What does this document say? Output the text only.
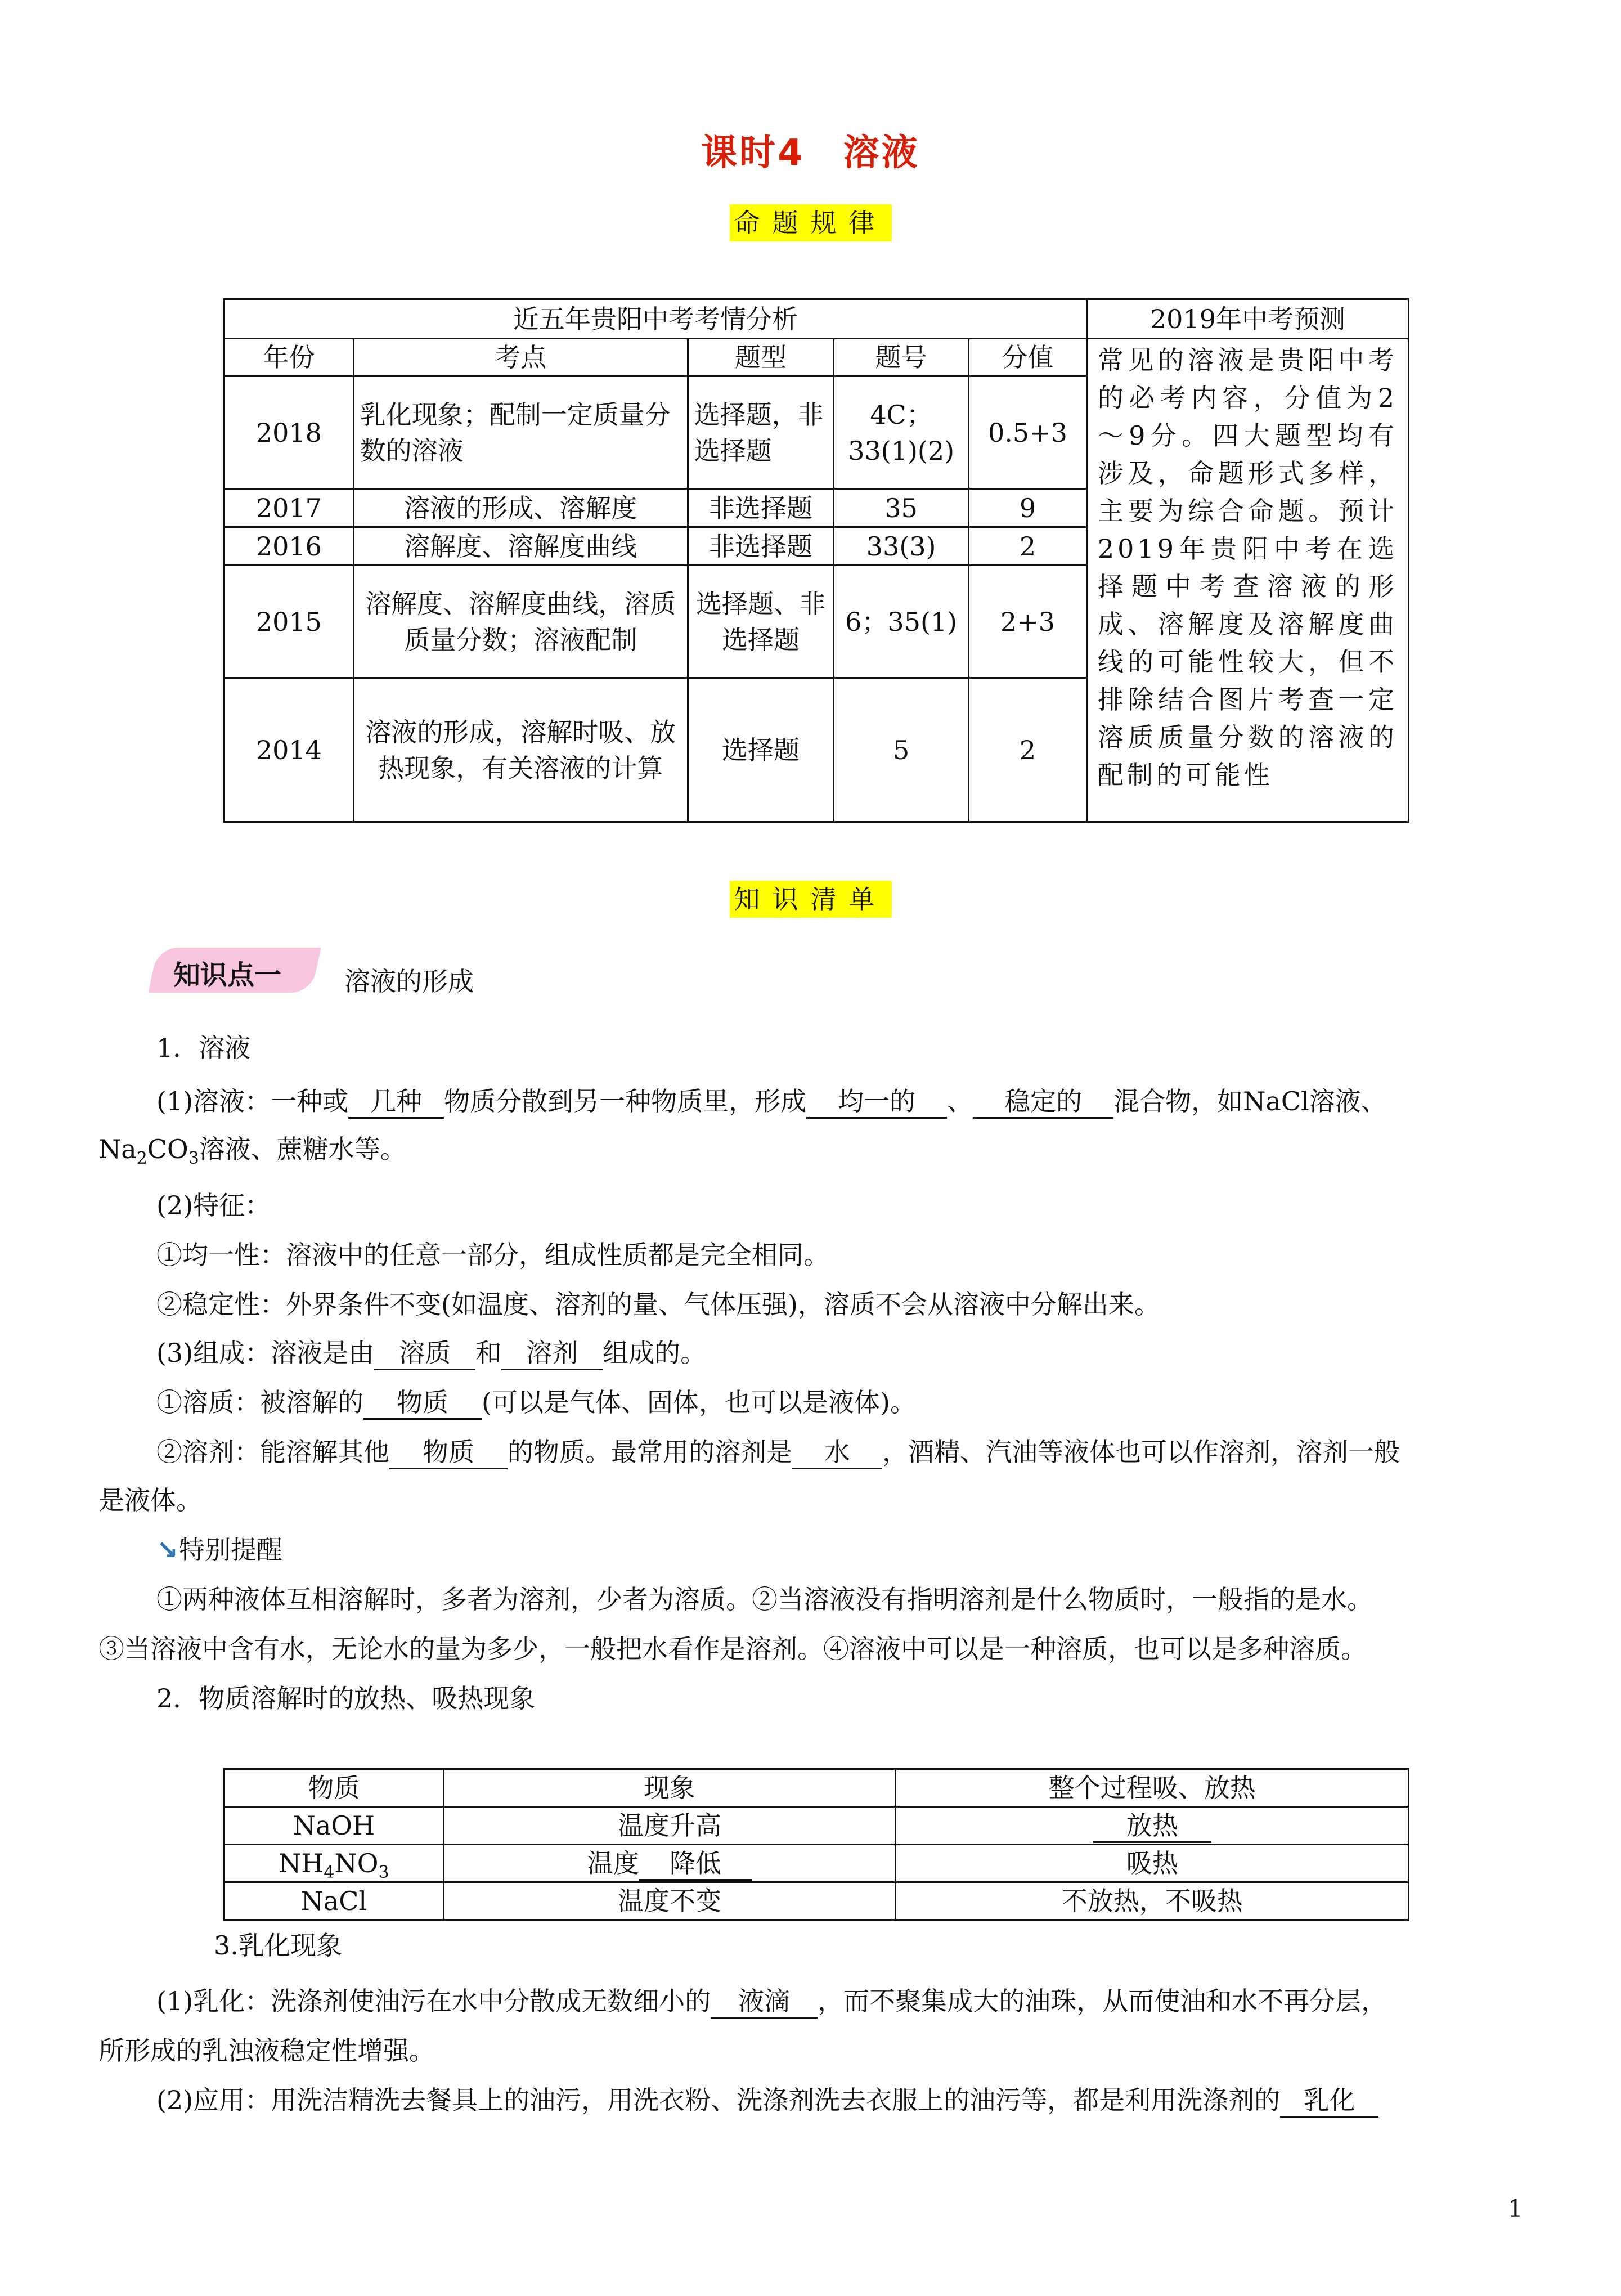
课时4　溶液
命题规律
近五年贵阳中考考情分析					2019年中考预测
年份	考点	题型	题号	分值	常见的溶液是贵阳中考的必考内容，分值为2～9分。四大题型均有涉及，命题形式多样，主要为综合命题。预计2019年贵阳中考在选择题中考查溶液的形成、溶解度及溶解度曲线的可能性较大，但不排除结合图片考查一定溶质质量分数的溶液的配制的可能性
2018	乳化现象；配制一定质量分数的溶液	选择题，非选择题	4C；33(1)(2)	0.5+3	
2017	溶液的形成、溶解度	非选择题	35	9	
2016	溶解度、溶解度曲线	非选择题	33(3)	2	
2015	溶解度、溶解度曲线，溶质质量分数；溶液配制	选择题、非选择题	6；35(1)	2+3	
2014	溶液的形成，溶解时吸、放热现象，有关溶液的计算	选择题	5	2	
知识清单
知识点一 溶液的形成
1．溶液
(1)溶液：一种或 几种 物质分散到另一种物质里，形成 均一的 、 稳定的 混合物，如NaCl溶液、
$Na_2CO_3$溶液、蔗糖水等。
(2)特征：
①均一性：溶液中的任意一部分，组成性质都是完全相同。
②稳定性：外界条件不变(如温度、溶剂的量、气体压强)，溶质不会从溶液中分解出来。
(3)组成：溶液是由 溶质 和 溶剂 组成的。
①溶质：被溶解的 物质 (可以是气体、固体，也可以是液体)。
②溶剂：能溶解其他 物质 的物质。最常用的溶剂是 水 ，酒精、汽油等液体也可以作溶剂，溶剂一般
是液体。
↘特别提醒
①两种液体互相溶解时，多者为溶剂，少者为溶质。②当溶液没有指明溶剂是什么物质时，一般指的是水。
③当溶液中含有水，无论水的量为多少，一般把水看作是溶剂。④溶液中可以是一种溶质，也可以是多种溶质。
2．物质溶解时的放热、吸热现象
物质	现象	整个过程吸、放热
NaOH	温度升高	放热
$NH_4NO_3$	温度 降低	吸热
NaCl	温度不变	不放热，不吸热
3.乳化现象
(1)乳化：洗涤剂使油污在水中分散成无数细小的 液滴 ，而不聚集成大的油珠，从而使油和水不再分层，
所形成的乳浊液稳定性增强。
(2)应用：用洗洁精洗去餐具上的油污，用洗衣粉、洗涤剂洗去衣服上的油污等，都是利用洗涤剂的 乳化
1
